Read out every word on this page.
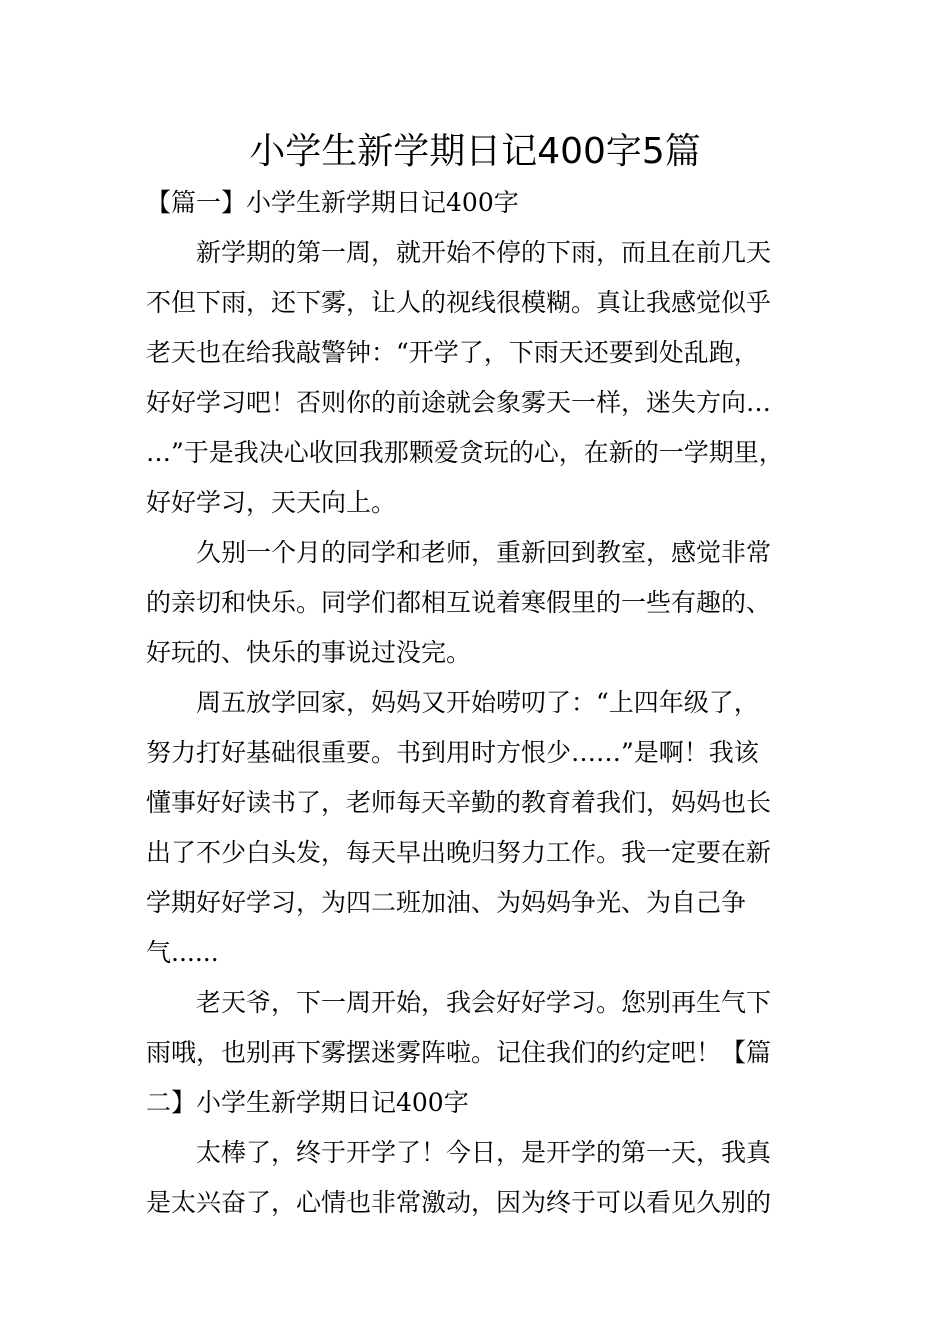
小学生新学期日记400字5篇
【篇一】小学生新学期日记400字
新学期的第一周，就开始不停的下雨，而且在前几天
不但下雨，还下雾，让人的视线很模糊。真让我感觉似乎
老天也在给我敲警钟：“开学了，下雨天还要到处乱跑，
好好学习吧！否则你的前途就会象雾天一样，迷失方向…
…”于是我决心收回我那颗爱贪玩的心，在新的一学期里，
好好学习，天天向上。
久别一个月的同学和老师，重新回到教室，感觉非常
的亲切和快乐。同学们都相互说着寒假里的一些有趣的、
好玩的、快乐的事说过没完。
周五放学回家，妈妈又开始唠叨了：“上四年级了，
努力打好基础很重要。书到用时方恨少……”是啊！我该
懂事好好读书了，老师每天辛勤的教育着我们，妈妈也长
出了不少白头发，每天早出晚归努力工作。我一定要在新
学期好好学习，为四二班加油、为妈妈争光、为自己争
气......
老天爷，下一周开始，我会好好学习。您别再生气下
雨哦，也别再下雾摆迷雾阵啦。记住我们的约定吧！【篇
二】小学生新学期日记400字
太棒了，终于开学了！今日，是开学的第一天，我真
是太兴奋了，心情也非常激动，因为终于可以看见久别的
